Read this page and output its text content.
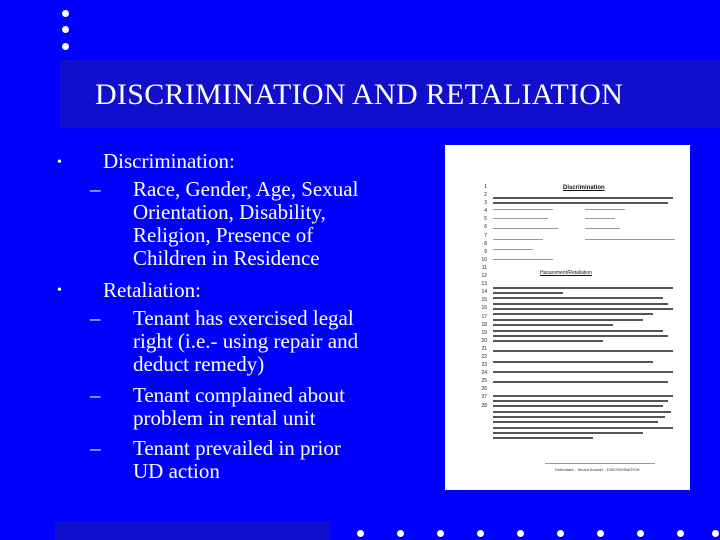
DISCRIMINATION AND RETALIATION
• Discrimination:
– Race, Gender, Age, Sexual
Orientation, Disability,
Religion, Presence of
Children in Residence
• Retaliation:
– Tenant has exercised legal
right (i.e.- using repair and
deduct remedy)
– Tenant complained about
problem in rental unit
– Tenant prevailed in prior
UD action
1
2
3
4
5
6
7
8
9
10
11
12
13
14
15
16
17
18
19
20
21
22
23
24
25
26
27
28
Discrimination
Harassment/Retaliation
Defendant - Tenant Answer - DISCRIMINATION
